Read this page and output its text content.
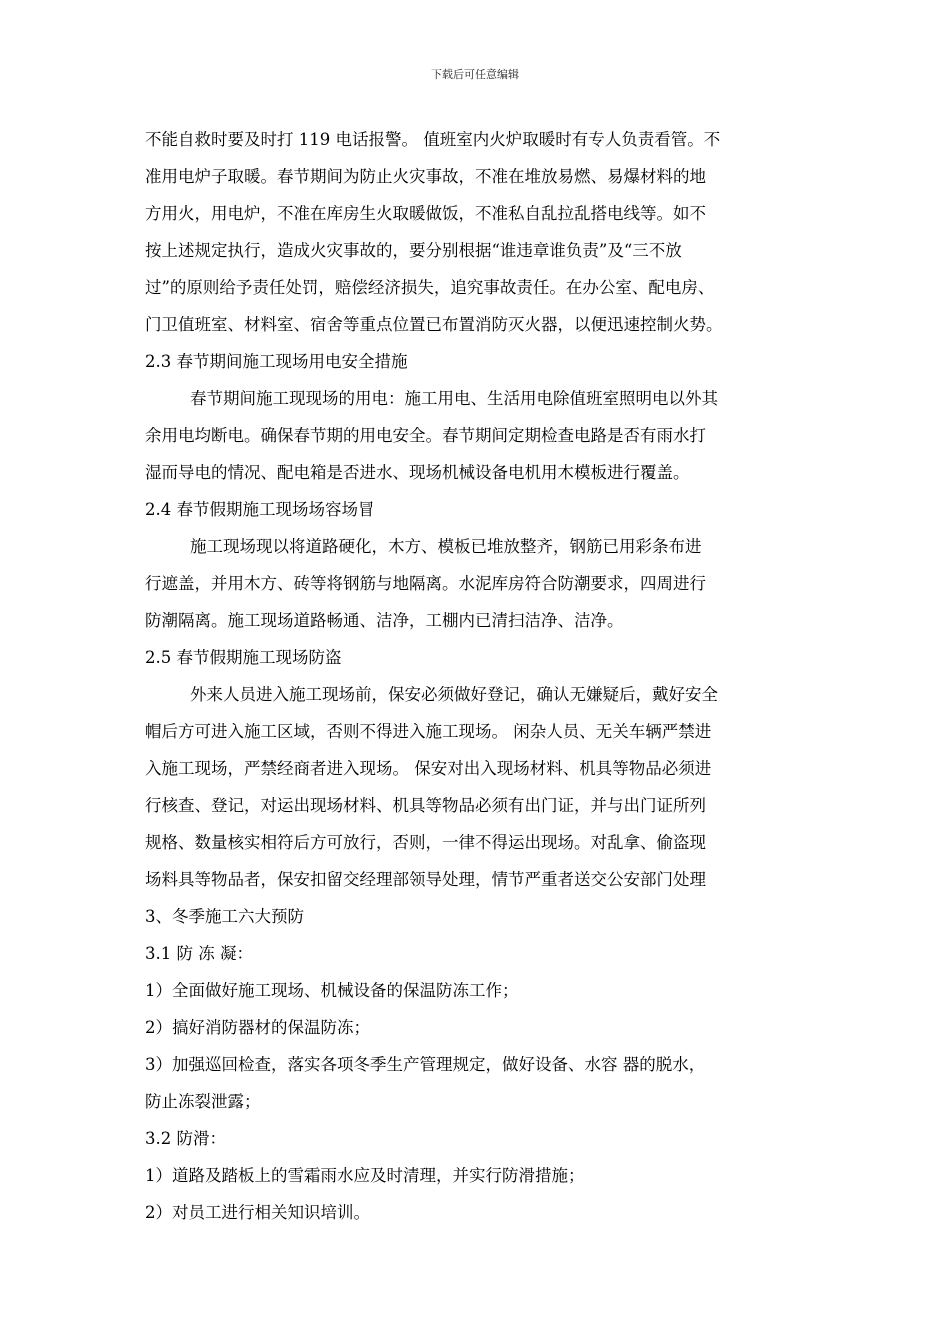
下载后可任意编辑

不能自救时要及时打 119 电话报警。 值班室内火炉取暖时有专人负责看管。不
准用电炉子取暖。春节期间为防止火灾事故，不准在堆放易燃、易爆材料的地
方用火，用电炉，不准在库房生火取暖做饭，不准私自乱拉乱搭电线等。如不
按上述规定执行，造成火灾事故的，要分别根据“谁违章谁负责”及“三不放
过”的原则给予责任处罚，赔偿经济损失，追究事故责任。在办公室、配电房、
门卫值班室、材料室、宿舍等重点位置已布置消防灭火器，以便迅速控制火势。

2.3 春节期间施工现场用电安全措施

春节期间施工现现场的用电：施工用电、生活用电除值班室照明电以外其
余用电均断电。确保春节期的用电安全。春节期间定期检查电路是否有雨水打
湿而导电的情况、配电箱是否进水、现场机械设备电机用木模板进行覆盖。

2.4 春节假期施工现场场容场冒

施工现场现以将道路硬化，木方、模板已堆放整齐，钢筋已用彩条布进
行遮盖，并用木方、砖等将钢筋与地隔离。水泥库房符合防潮要求，四周进行
防潮隔离。施工现场道路畅通、洁净，工棚内已清扫洁净、洁净。

2.5 春节假期施工现场防盗

外来人员进入施工现场前，保安必须做好登记，确认无嫌疑后，戴好安全
帽后方可进入施工区域，否则不得进入施工现场。 闲杂人员、无关车辆严禁进
入施工现场，严禁经商者进入现场。 保安对出入现场材料、机具等物品必须进
行核查、登记，对运出现场材料、机具等物品必须有出门证，并与出门证所列
规格、数量核实相符后方可放行，否则，一律不得运出现场。对乱拿、偷盗现
场料具等物品者，保安扣留交经理部领导处理，情节严重者送交公安部门处理

3、冬季施工六大预防

3.1 防 冻 凝：

1）全面做好施工现场、机械设备的保温防冻工作；

2）搞好消防器材的保温防冻；

3）加强巡回检查，落实各项冬季生产管理规定，做好设备、水容 器的脱水，
防止冻裂泄露；

3.2 防滑：

1）道路及踏板上的雪霜雨水应及时清理，并实行防滑措施；

2）对员工进行相关知识培训。
